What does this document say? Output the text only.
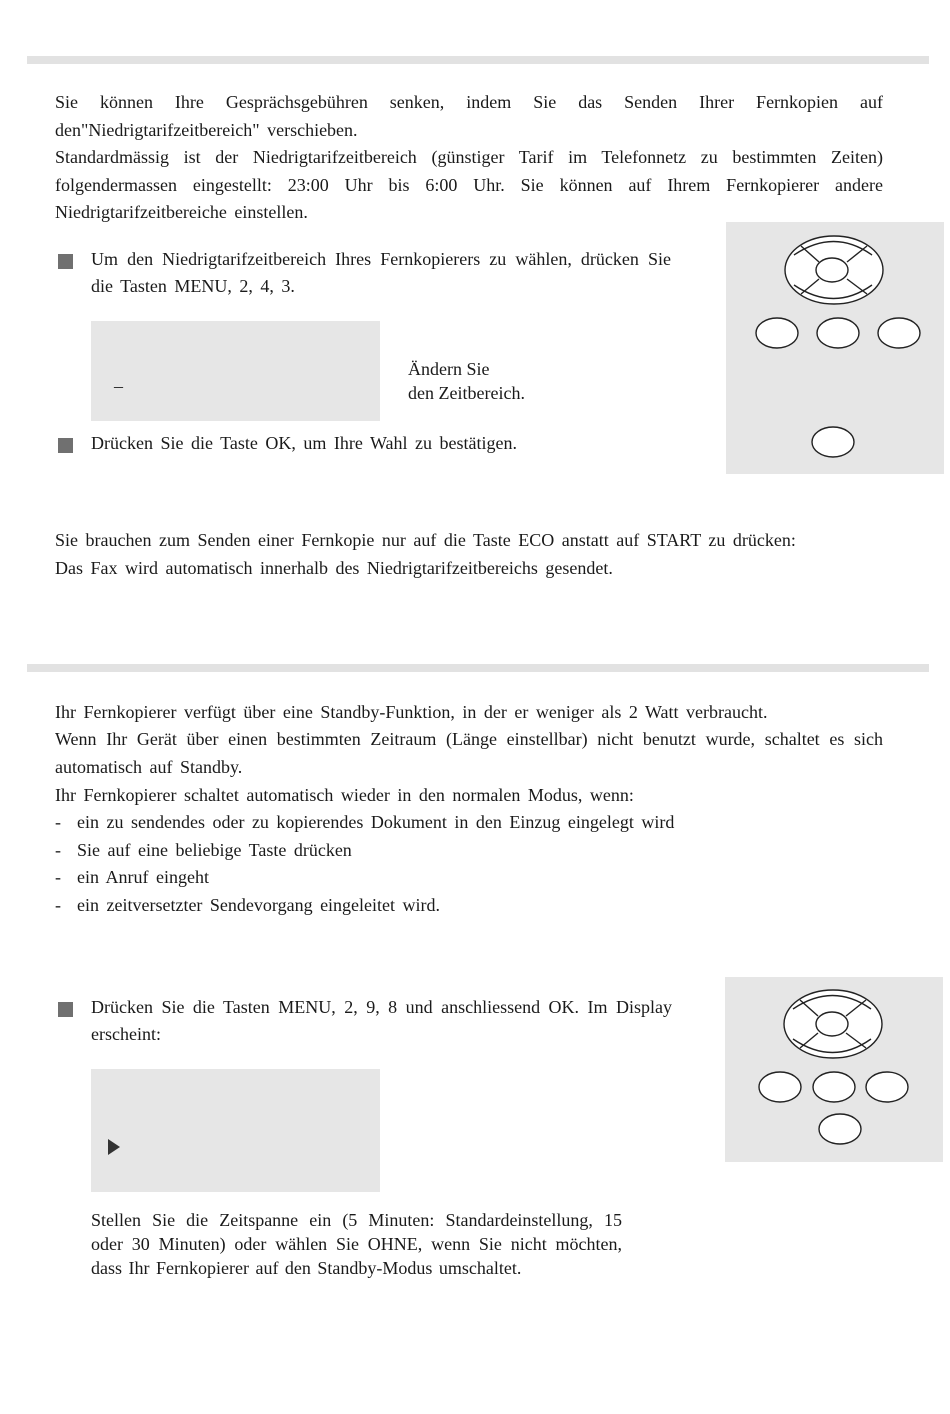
Sie können Ihre Gesprächsgebühren senken, indem Sie das Senden Ihrer Fernkopien auf den"Niedrigtarifzeitbereich" verschieben.

Standardmässig ist der Niedrigtarifzeitbereich (günstiger Tarif im Telefonnetz zu bestimmten Zeiten) folgendermassen eingestellt: 23:00 Uhr bis 6:00 Uhr. Sie können auf Ihrem Fernkopierer andere Niedrigtarifzeitbereiche einstellen.

Um den Niedrigtarifzeitbereich Ihres Fernkopierers zu wählen, drücken Sie die Tasten MENU, 2, 4, 3.

–
Ändern Sie
den Zeitbereich.

Drücken Sie die Taste OK, um Ihre Wahl zu bestätigen.

Sie brauchen zum Senden einer Fernkopie nur auf die Taste ECO anstatt auf START zu drücken:

Das Fax wird automatisch innerhalb des Niedrigtarifzeitbereichs gesendet.

Ihr Fernkopierer verfügt über eine Standby-Funktion, in der er weniger als 2 Watt verbraucht.

Wenn Ihr Gerät über einen bestimmten Zeitraum (Länge einstellbar) nicht benutzt wurde, schaltet es sich automatisch auf Standby.

Ihr Fernkopierer schaltet automatisch wieder in den normalen Modus, wenn:

- ein zu sendendes oder zu kopierendes Dokument in den Einzug eingelegt wird
- Sie auf eine beliebige Taste drücken
- ein Anruf eingeht
- ein zeitversetzter Sendevorgang eingeleitet wird.

Drücken Sie die Tasten MENU, 2, 9, 8 und anschliessend OK. Im Display erscheint:

Stellen Sie die Zeitspanne ein (5 Minuten: Standardeinstellung, 15 oder 30 Minuten) oder wählen Sie OHNE, wenn Sie nicht möchten, dass Ihr Fernkopierer auf den Standby-Modus umschaltet.
